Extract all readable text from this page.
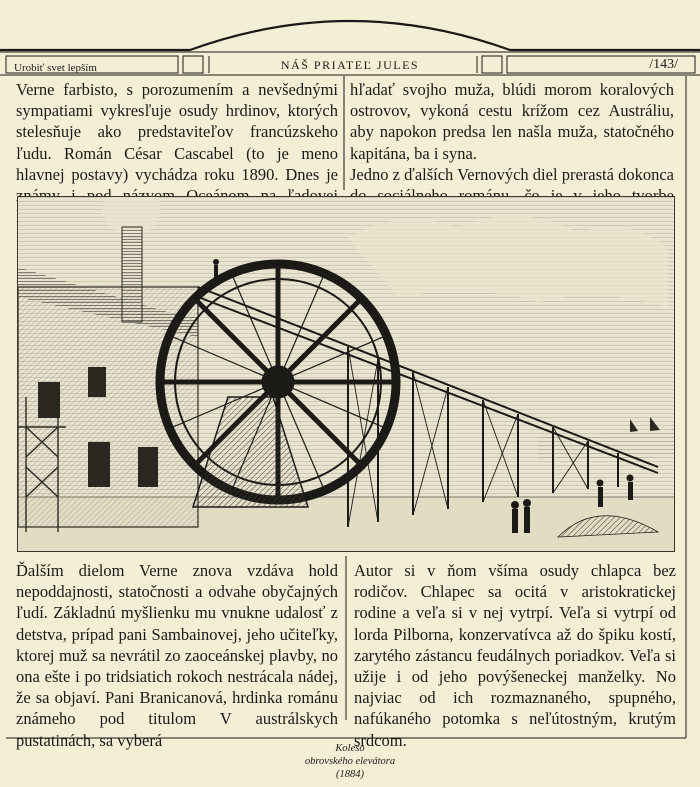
Urobiť svet lepším	NÁŠ PRIATEĽ JULES	/143/

Verne farbisto, s porozumením a nevšednými sympatiami vykresľuje osudy hrdinov, ktorých stelesňuje ako predstaviteľov francúzskeho ľudu. Román César Cascabel (to je meno hlavnej postavy) vychádza roku 1890. Dnes je

hľadať svojho muža, blúdi morom koralových ostrovov, vykoná cestu krížom cez Austráliu, aby napokon predsa len našla muža, statočného kapitána, ba i syna.

Jedno z ďalších Vernových diel prerastá dokonca

Ďalším dielom Verne znova vzdáva hold nepoddajnosti, statočnosti a odvahe obyčajných ľudí. Základnú myšlienku mu vnukne udalosť z detstva, prípad pani Sambainovej, jeho učiteľky, ktorej muž sa nevrátil zo zaoceánskej plavby, no ona ešte i po tridsiatich rokoch nestrácala nádej, že sa objaví. Pani Branicanová, hrdinka románu známeho pod titulom V austrálskych pustatinách, sa vyberá

Autor si v ňom všíma osudy chlapca bez rodičov. Chlapec sa ocitá v aristokratickej rodine a veľa si v nej vytrpí. Veľa si vytrpí od lorda Pilborna, konzervatívca až do špiku kostí, zarytého zástancu feudálnych poriadkov. Veľa si užije i od jeho povýšeneckej manželky. No najviac od ich rozmaznaného, spupného, nafúkaného potomka s neľútostným, krutým srdcom.

Koleso
obrovského elevátora
(1884)
